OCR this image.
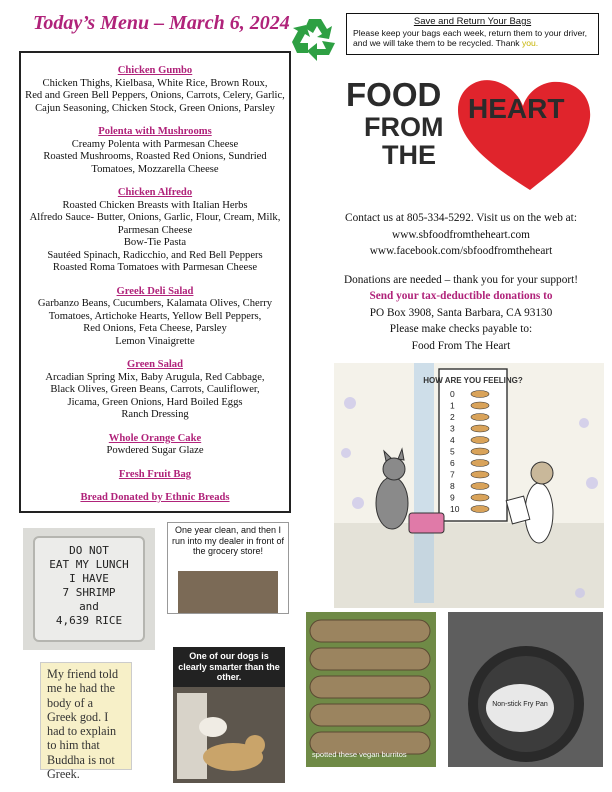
Today’s Menu – March 6, 2024	Save and Return Your Bags
Please keep your bags each week, return them to your driver, and we will take them to be recycled. Thank you.
Chicken Gumbo
Chicken Thighs, Kielbasa, White Rice, Brown Roux,
Red and Green Bell Peppers, Onions, Carrots, Celery, Garlic,
Cajun Seasoning, Chicken Stock, Green Onions, Parsley
Polenta with Mushrooms
Creamy Polenta with Parmesan Cheese
Roasted Mushrooms, Roasted Red Onions, Sundried
Tomatoes, Mozzarella Cheese
Chicken Alfredo
Roasted Chicken Breasts with Italian Herbs
Alfredo Sauce- Butter, Onions, Garlic, Flour, Cream, Milk,
Parmesan Cheese
Bow-Tie Pasta
Sautéed Spinach, Radicchio, and Red Bell Peppers
Roasted Roma Tomatoes with Parmesan Cheese
Greek Deli Salad
Garbanzo Beans, Cucumbers, Kalamata Olives, Cherry
Tomatoes, Artichoke Hearts, Yellow Bell Peppers,
Red Onions, Feta Cheese, Parsley
Lemon Vinaigrette
Green Salad
Arcadian Spring Mix, Baby Arugula, Red Cabbage,
Black Olives, Green Beans, Carrots, Cauliflower,
Jicama, Green Onions, Hard Boiled Eggs
Ranch Dressing
Whole Orange Cake
Powdered Sugar Glaze
Fresh Fruit Bag
Bread Donated by Ethnic Breads
FOOD
FROM
THE
HEART
Contact us at 805-334-5292. Visit us on the web at:
www.sbfoodfromtheheart.com
www.facebook.com/sbfoodfromtheheart
Donations are needed – thank you for your support!
Send your tax-deductible donations to
PO Box 3908, Santa Barbara, CA 93130
Please make checks payable to:
Food From The Heart
HOW ARE YOU FEELING?
0
1
2
3
4
5
6
7
8
9
10
DO NOT
EAT MY LUNCH
I HAVE
7 SHRIMP
and
4,639 RICE
One year clean, and then I run into my dealer in front of the grocery store!
My friend told me he had the body of a Greek god. I had to explain to him that Buddha is not Greek.
One of our dogs is clearly smarter than the other.
spotted these vegan burritos
Non-stick Fry Pan
